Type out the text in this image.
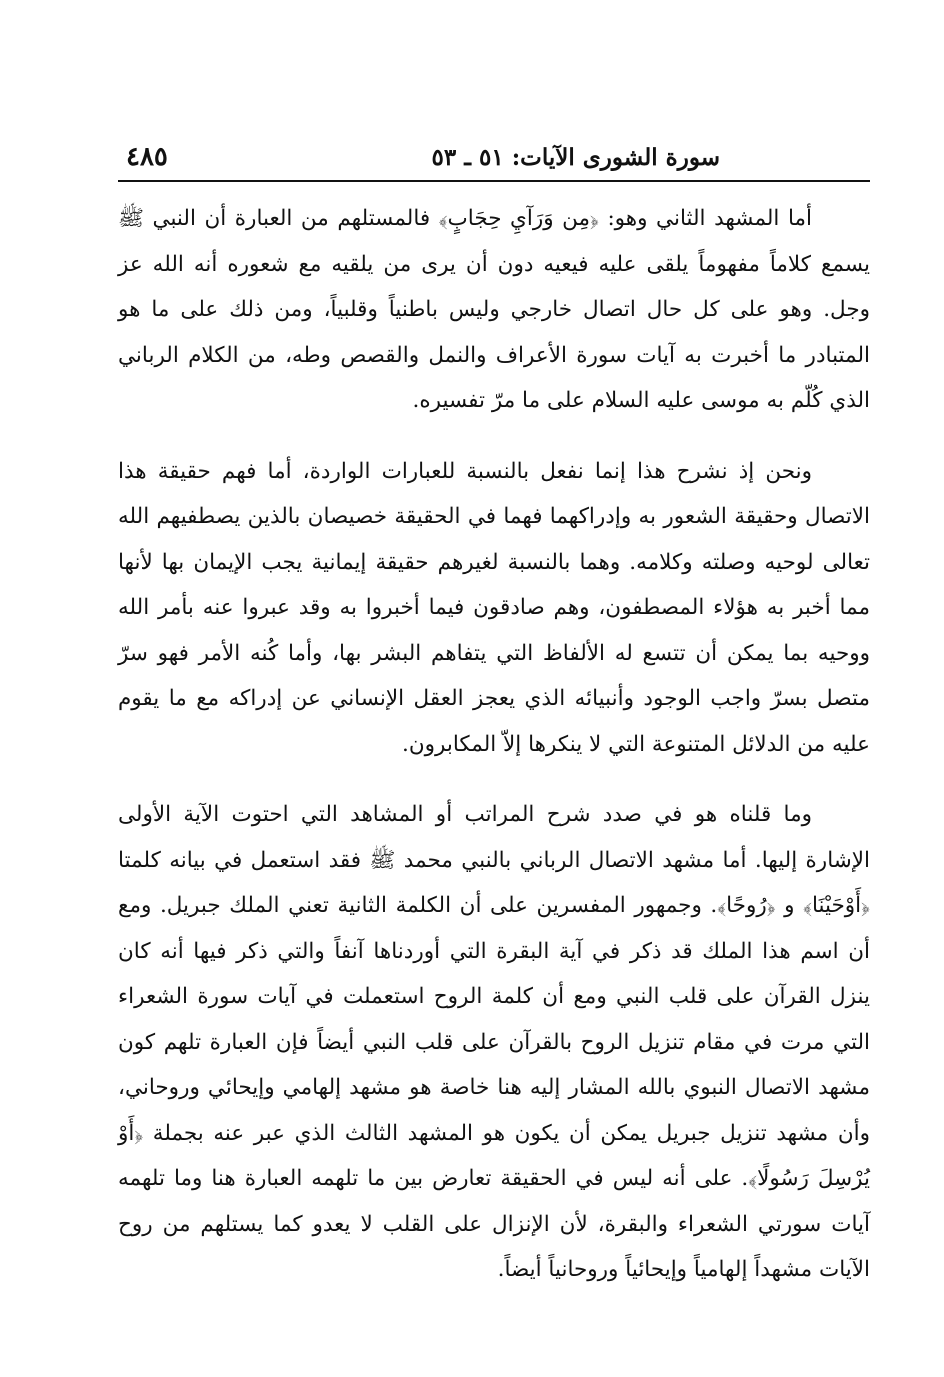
سورة الشورى الآيات: ٥١ ـ ٥٣
٤٨٥

أما المشهد الثاني وهو: ﴿مِن وَرَآيِ حِجَابٍ﴾ فالمستلهم من العبارة أن النبي ﷺ يسمع كلاماً مفهوماً يلقى عليه فيعيه دون أن يرى من يلقيه مع شعوره أنه الله عز وجل. وهو على كل حال اتصال خارجي وليس باطنياً وقلبياً، ومن ذلك على ما هو المتبادر ما أخبرت به آيات سورة الأعراف والنمل والقصص وطه، من الكلام الرباني الذي كُلّم به موسى عليه السلام على ما مرّ تفسيره.

ونحن إذ نشرح هذا إنما نفعل بالنسبة للعبارات الواردة، أما فهم حقيقة هذا الاتصال وحقيقة الشعور به وإدراكهما فهما في الحقيقة خصيصان بالذين يصطفيهم الله تعالى لوحيه وصلته وكلامه. وهما بالنسبة لغيرهم حقيقة إيمانية يجب الإيمان بها لأنها مما أخبر به هؤلاء المصطفون، وهم صادقون فيما أخبروا به وقد عبروا عنه بأمر الله ووحيه بما يمكن أن تتسع له الألفاظ التي يتفاهم البشر بها، وأما كُنه الأمر فهو سرّ متصل بسرّ واجب الوجود وأنبيائه الذي يعجز العقل الإنساني عن إدراكه مع ما يقوم عليه من الدلائل المتنوعة التي لا ينكرها إلاّ المكابرون.

وما قلناه هو في صدد شرح المراتب أو المشاهد التي احتوت الآية الأولى الإشارة إليها. أما مشهد الاتصال الرباني بالنبي محمد ﷺ فقد استعمل في بيانه كلمتا ﴿أَوْحَيْنَا﴾ و ﴿رُوحًا﴾. وجمهور المفسرين على أن الكلمة الثانية تعني الملك جبريل. ومع أن اسم هذا الملك قد ذكر في آية البقرة التي أوردناها آنفاً والتي ذكر فيها أنه كان ينزل القرآن على قلب النبي ومع أن كلمة الروح استعملت في آيات سورة الشعراء التي مرت في مقام تنزيل الروح بالقرآن على قلب النبي أيضاً فإن العبارة تلهم كون مشهد الاتصال النبوي بالله المشار إليه هنا خاصة هو مشهد إلهامي وإيحائي وروحاني، وأن مشهد تنزيل جبريل يمكن أن يكون هو المشهد الثالث الذي عبر عنه بجملة ﴿أَوْ يُرْسِلَ رَسُولًا﴾. على أنه ليس في الحقيقة تعارض بين ما تلهمه العبارة هنا وما تلهمه آيات سورتي الشعراء والبقرة، لأن الإنزال على القلب لا يعدو كما يستلهم من روح الآيات مشهداً إلهامياً وإيحائياً وروحانياً أيضاً.
